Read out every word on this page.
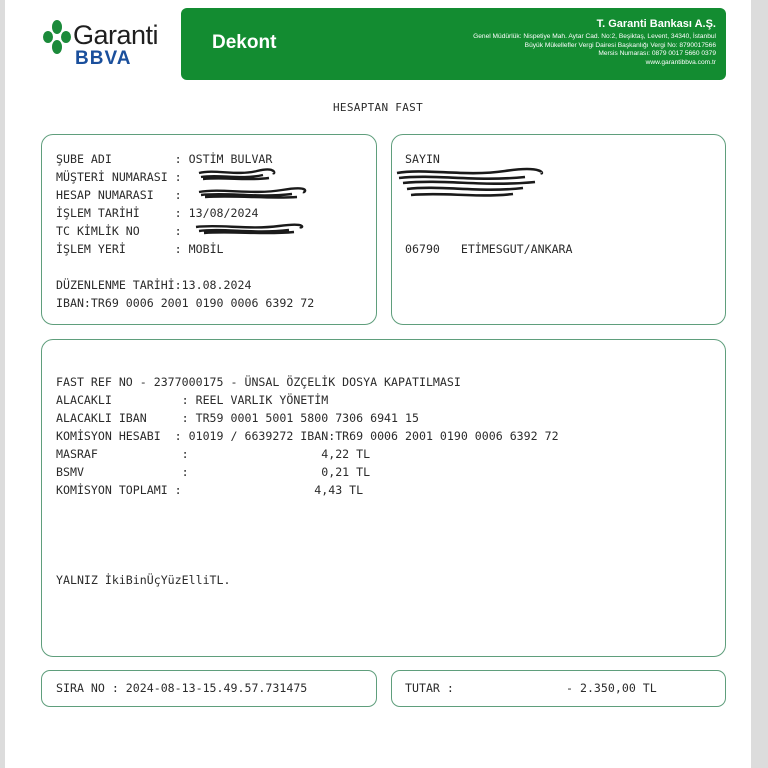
Garanti
BBVA
Dekont
T. Garanti Bankası A.Ş.
Genel Müdürlük: Nispetiye Mah. Aytar Cad. No:2, Beşiktaş, Levent, 34340, İstanbul
Büyük Mükellefler Vergi Dairesi Başkanlığı Vergi No: 8790017566
Mersis Numarası: 0879 0017 5660 0379
www.garantibbva.com.tr
HESAPTAN FAST
ŞUBE ADI         : OSTİM BULVAR
MÜŞTERİ NUMARASI :
HESAP NUMARASI   :
İŞLEM TARİHİ     : 13/08/2024
TC KİMLİK NO     :
İŞLEM YERİ       : MOBİL
DÜZENLENME TARİHİ:13.08.2024
IBAN:TR69 0006 2001 0190 0006 6392 72
SAYIN
06790   ETİMESGUT/ANKARA
FAST REF NO - 2377000175 - ÜNSAL ÖZÇELİK DOSYA KAPATILMASI
ALACAKLI          : REEL VARLIK YÖNETİM
ALACAKLI IBAN     : TR59 0001 5001 5800 7306 6941 15
KOMİSYON HESABI  : 01019 / 6639272 IBAN:TR69 0006 2001 0190 0006 6392 72
MASRAF            :                   4,22 TL
BSMV              :                   0,21 TL
KOMİSYON TOPLAMI :                   4,43 TL
YALNIZ İkiBinÜçYüzElliTL.
SIRA NO : 2024-08-13-15.49.57.731475	TUTAR :	- 2.350,00 TL
